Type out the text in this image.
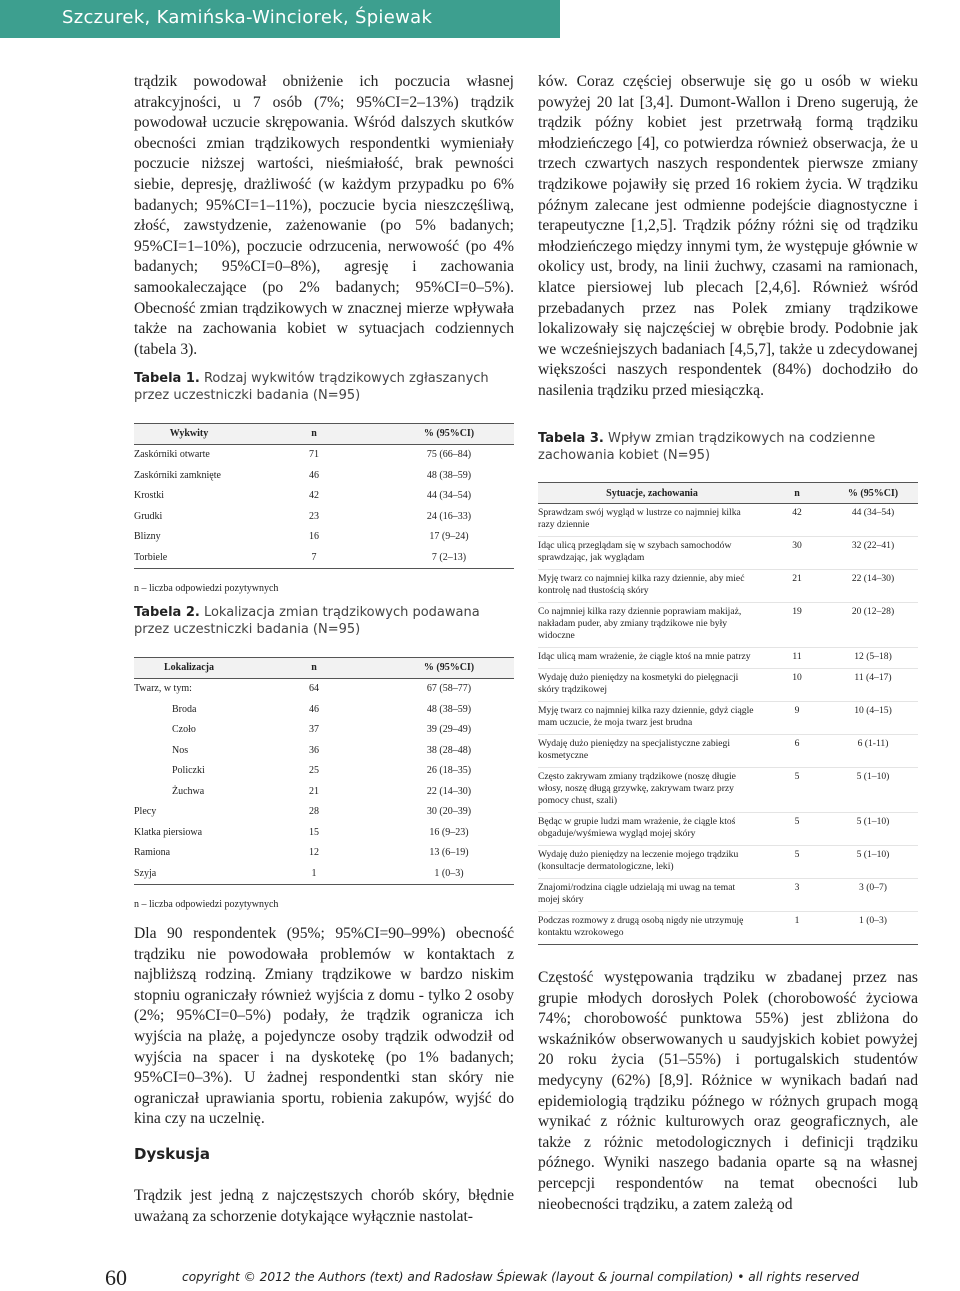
Szczurek, Kamińska-Winciorek, Śpiewak

trądzik powodował obniżenie ich poczucia własnej atrakcyjności, u 7 osób (7%; 95%CI=2–13%) trądzik powodował uczucie skrępowania. Wśród dalszych skutków obecności zmian trądzikowych respondentki wymieniały poczucie niższej wartości, nieśmiałość, brak pewności siebie, depresję, drażliwość (w każdym przypadku po 6% badanych; 95%CI=1–11%), poczucie bycia nieszczęśliwą, złość, zawstydzenie, zażenowanie (po 5% badanych; 95%CI=1–10%), poczucie odrzucenia, nerwowość (po 4% badanych; 95%CI=0–8%), agresję i zachowania samookaleczające (po 2% badanych; 95%CI=0–5%). Obecność zmian trądzikowych w znacznej mierze wpływała także na zachowania kobiet w sytuacjach codziennych (tabela 3).

Tabela 1. Rodzaj wykwitów trądzikowych zgłaszanych przez uczestniczki badania (N=95)

Wykwity	n	% (95%CI)
Zaskórniki otwarte	71	75 (66–84)
Zaskórniki zamknięte	46	48 (38–59)
Krostki	42	44 (34–54)
Grudki	23	24 (16–33)
Blizny	16	17 (9–24)
Torbiele	7	7 (2–13)

n – liczba odpowiedzi pozytywnych

Tabela 2. Lokalizacja zmian trądzikowych podawana przez uczestniczki badania (N=95)

Lokalizacja	n	% (95%CI)
Twarz, w tym:	64	67 (58–77)
Broda	46	48 (38–59)
Czoło	37	39 (29–49)
Nos	36	38 (28–48)
Policzki	25	26 (18–35)
Żuchwa	21	22 (14–30)
Plecy	28	30 (20–39)
Klatka piersiowa	15	16 (9–23)
Ramiona	12	13 (6–19)
Szyja	1	1 (0–3)

n – liczba odpowiedzi pozytywnych

Dla 90 respondentek (95%; 95%CI=90–99%) obecność trądziku nie powodowała problemów w kontaktach z najbliższą rodziną. Zmiany trądzikowe w bardzo niskim stopniu ograniczały również wyjścia z domu - tylko 2 osoby (2%; 95%CI=0–5%) podały, że trądzik ogranicza ich wyjścia na plażę, a pojedyncze osoby trądzik odwodził od wyjścia na spacer i na dyskotekę (po 1% badanych; 95%CI=0–3%). U żadnej respondentki stan skóry nie ograniczał uprawiania sportu, robienia zakupów, wyjść do kina czy na uczelnię.

Dyskusja

Trądzik jest jedną z najczęstszych chorób skóry, błędnie uważaną za schorzenie dotykające wyłącznie nastolat-

ków. Coraz częściej obserwuje się go u osób w wieku powyżej 20 lat [3,4]. Dumont-Wallon i Dreno sugerują, że trądzik późny kobiet jest przetrwałą formą trądziku młodzieńczego [4], co potwierdza również obserwacja, że u trzech czwartych naszych respondentek pierwsze zmiany trądzikowe pojawiły się przed 16 rokiem życia. W trądziku późnym zalecane jest odmienne podejście diagnostyczne i terapeutyczne [1,2,5]. Trądzik późny różni się od trądziku młodzieńczego między innymi tym, że występuje głównie w okolicy ust, brody, na linii żuchwy, czasami na ramionach, klatce piersiowej lub plecach [2,4,6]. Również wśród przebadanych przez nas Polek zmiany trądzikowe lokalizowały się najczęściej w obrębie brody. Podobnie jak we wcześniejszych badaniach [4,5,7], także u zdecydowanej większości naszych respondentek (84%) dochodziło do nasilenia trądziku przed miesiączką.

Tabela 3. Wpływ zmian trądzikowych na codzienne zachowania kobiet (N=95)

Sytuacje, zachowania	n	% (95%CI)
Sprawdzam swój wygląd w lustrze co najmniej kilka razy dziennie	42	44 (34–54)
Idąc ulicą przeglądam się w szybach samochodów sprawdzając, jak wyglądam	30	32 (22–41)
Myję twarz co najmniej kilka razy dziennie, aby mieć kontrolę nad tłustością skóry	21	22 (14–30)
Co najmniej kilka razy dziennie poprawiam makijaż, nakładam puder, aby zmiany trądzikowe nie były widoczne	19	20 (12–28)
Idąc ulicą mam wrażenie, że ciągle ktoś na mnie patrzy	11	12 (5–18)
Wydaję dużo pieniędzy na kosmetyki do pielęgnacji skóry trądzikowej	10	11 (4–17)
Myję twarz co najmniej kilka razy dziennie, gdyż ciągle mam uczucie, że moja twarz jest brudna	9	10 (4–15)
Wydaję dużo pieniędzy na specjalistyczne zabiegi kosmetyczne	6	6 (1-11)
Często zakrywam zmiany trądzikowe (noszę długie włosy, noszę długą grzywkę, zakrywam twarz przy pomocy chust, szali)	5	5 (1–10)
Będąc w grupie ludzi mam wrażenie, że ciągle ktoś obgaduje/wyśmiewa wygląd mojej skóry	5	5 (1–10)
Wydaję dużo pieniędzy na leczenie mojego trądziku (konsultacje dermatologiczne, leki)	5	5 (1–10)
Znajomi/rodzina ciągle udzielają mi uwag na temat mojej skóry	3	3 (0–7)
Podczas rozmowy z drugą osobą nigdy nie utrzymuję kontaktu wzrokowego	1	1 (0–3)

Częstość występowania trądziku w zbadanej przez nas grupie młodych dorosłych Polek (chorobowość życiowa 74%; chorobowość punktowa 55%) jest zbliżona do wskaźników obserwowanych u saudyjskich kobiet powyżej 20 roku życia (51–55%) i portugalskich studentów medycyny (62%) [8,9]. Różnice w wynikach badań nad epidemiologią trądziku późnego w różnych grupach mogą wynikać z różnic kulturowych oraz geograficznych, ale także z różnic metodologicznych i definicji trądziku późnego. Wyniki naszego badania oparte są na własnej percepcji respondentów na temat obecności lub nieobecności trądziku, a zatem zależą od

60	copyright © 2012 the Authors (text) and Radosław Śpiewak (layout & journal compilation) • all rights reserved
